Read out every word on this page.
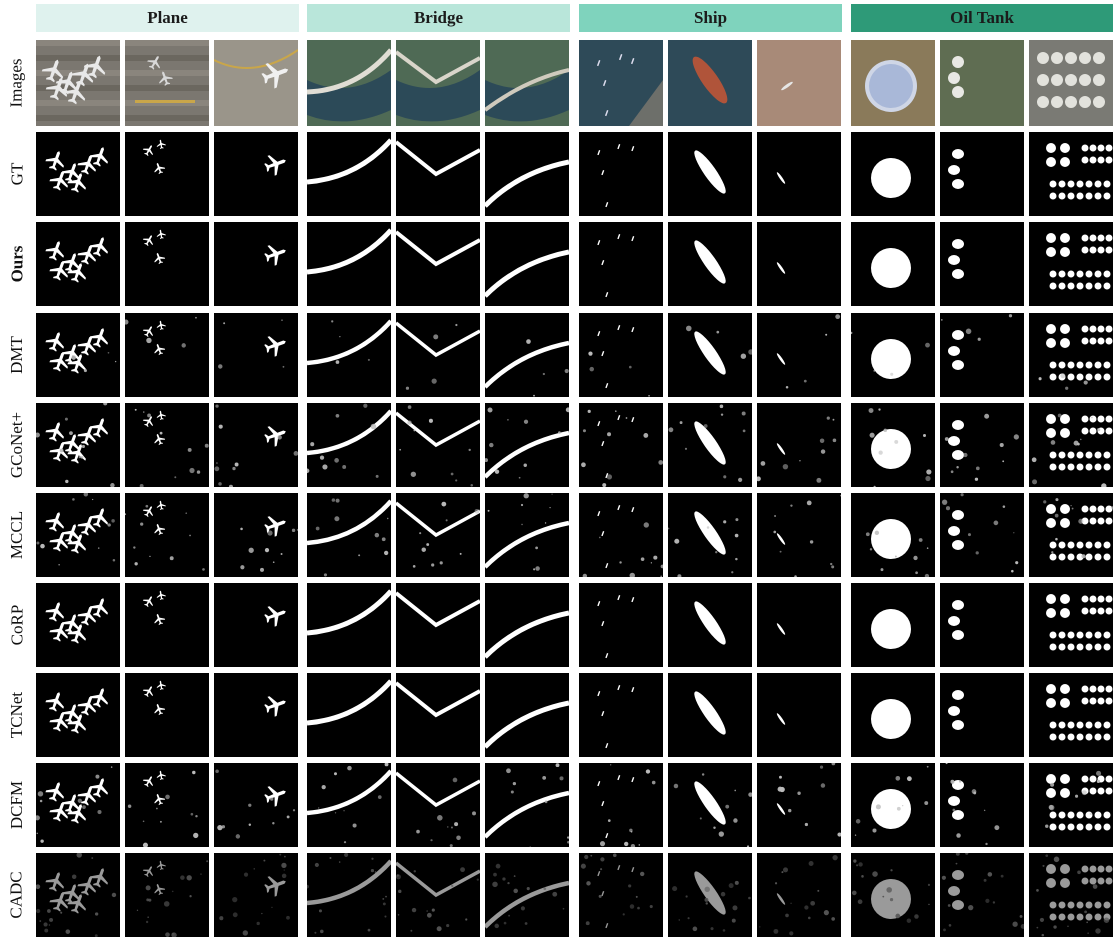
Plane	Bridge	Ship	Oil Tank
Images
GT
Ours
DMT
GCoNet+
MCCL
CoRP
TCNet
DCFM
CADC
